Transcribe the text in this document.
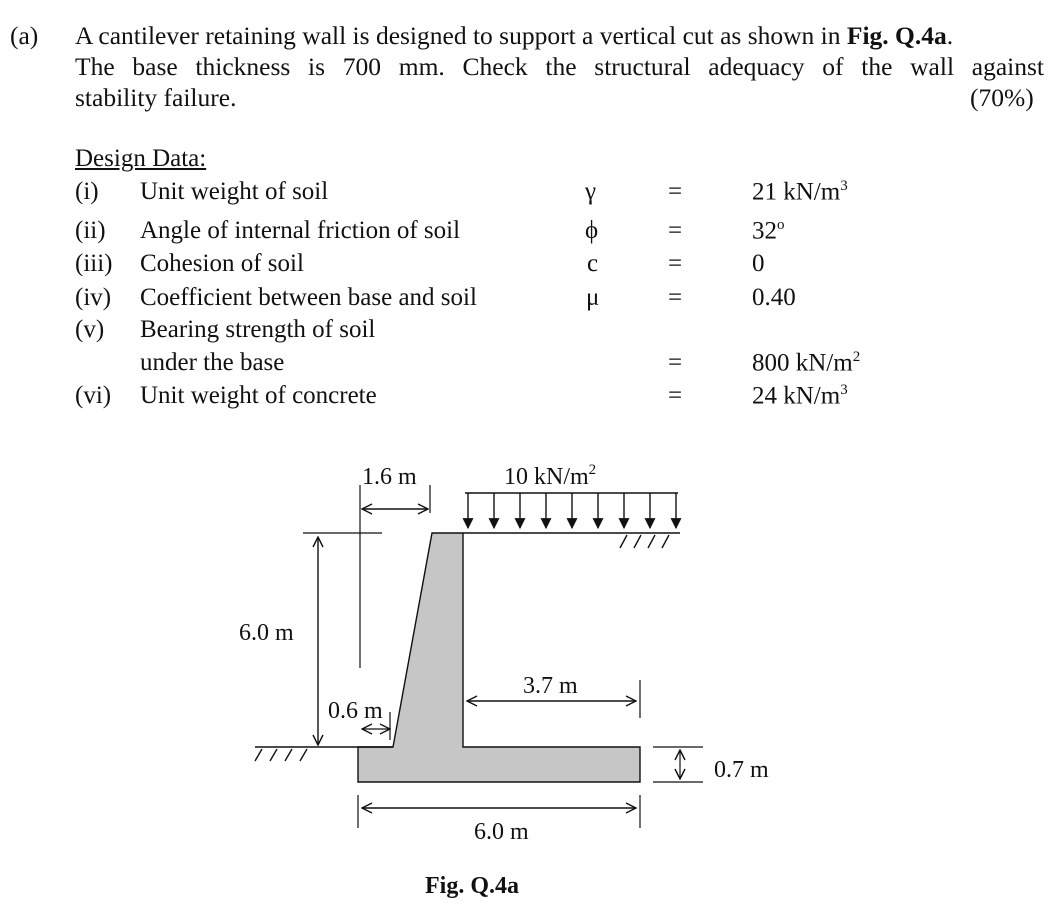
(a) A cantilever retaining wall is designed to support a vertical cut as shown in Fig. Q.4a.
The base thickness is 700 mm. Check the structural adequacy of the wall against
stability failure.	(70%)
Design Data:
(i) Unit weight of soil	γ	=	21 $kN/m^3$
(ii) Angle of internal friction of soil	ϕ	=	$32^o$
(iii) Cohesion of soil	c	=	0
(iv) Coefficient between base and soil	μ	=	0.40
(v) Bearing strength of soil
under the base	=	800 $kN/m^2$
(vi) Unit weight of concrete	=	24 $kN/m^3$
1.6 m	10 $kN/m^2$
6.0 m
3.7 m
0.6 m
0.7 m
6.0 m
Fig. Q.4a
